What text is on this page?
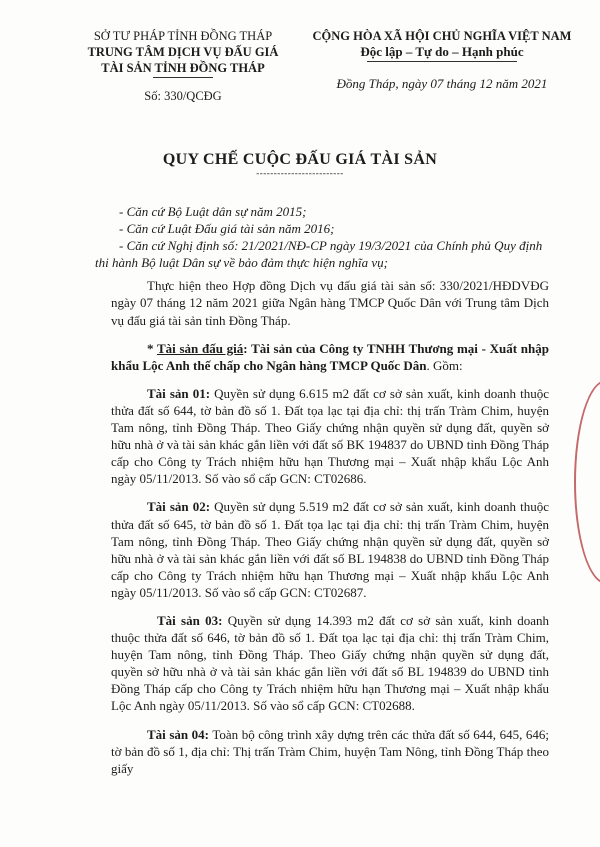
SỞ TƯ PHÁP TỈNH ĐỒNG THÁP
TRUNG TÂM DỊCH VỤ ĐẤU GIÁ
TÀI SẢN TỈNH ĐỒNG THÁP
Số: 330/QCĐG
CỘNG HÒA XÃ HỘI CHỦ NGHĨA VIỆT NAM
Độc lập – Tự do – Hạnh phúc
Đồng Tháp, ngày 07 tháng 12 năm 2021
QUY CHẾ CUỘC ĐẤU GIÁ TÀI SẢN
-------------------------

- Căn cứ Bộ Luật dân sự năm 2015;

- Căn cứ Luật Đấu giá tài sản năm 2016;

- Căn cứ Nghị định số: 21/2021/NĐ-CP ngày 19/3/2021 của Chính phủ Quy định

thi hành Bộ luật Dân sự về bảo đảm thực hiện nghĩa vụ;

Thực hiện theo Hợp đồng Dịch vụ đấu giá tài sản số: 330/2021/HĐDVĐG ngày 07 tháng 12 năm 2021 giữa Ngân hàng TMCP Quốc Dân với Trung tâm Dịch vụ đấu giá tài sản tỉnh Đồng Tháp.

* Tài sản đấu giá: Tài sản của Công ty TNHH Thương mại - Xuất nhập khẩu Lộc Anh thế chấp cho Ngân hàng TMCP Quốc Dân. Gồm:

Tài sản 01: Quyền sử dụng 6.615 m2 đất cơ sở sản xuất, kinh doanh thuộc thửa đất số 644, tờ bản đồ số 1. Đất tọa lạc tại địa chỉ: thị trấn Tràm Chim, huyện Tam nông, tỉnh Đồng Tháp. Theo Giấy chứng nhận quyền sử dụng đất, quyền sở hữu nhà ở và tài sản khác gắn liền với đất số BK 194837 do UBND tỉnh Đồng Tháp cấp cho Công ty Trách nhiệm hữu hạn Thương mại – Xuất nhập khẩu Lộc Anh ngày 05/11/2013. Số vào sổ cấp GCN: CT02686.

Tài sản 02: Quyền sử dụng 5.519 m2 đất cơ sở sản xuất, kinh doanh thuộc thửa đất số 645, tờ bản đồ số 1. Đất tọa lạc tại địa chỉ: thị trấn Tràm Chim, huyện Tam nông, tỉnh Đồng Tháp. Theo Giấy chứng nhận quyền sử dụng đất, quyền sở hữu nhà ở và tài sản khác gắn liền với đất số BL 194838 do UBND tỉnh Đồng Tháp cấp cho Công ty Trách nhiệm hữu hạn Thương mại – Xuất nhập khẩu Lộc Anh ngày 05/11/2013. Số vào sổ cấp GCN: CT02687.

Tài sản 03: Quyền sử dụng 14.393 m2 đất cơ sở sản xuất, kinh doanh thuộc thửa đất số 646, tờ bản đồ số 1. Đất tọa lạc tại địa chỉ: thị trấn Tràm Chim, huyện Tam nông, tỉnh Đồng Tháp. Theo Giấy chứng nhận quyền sử dụng đất, quyền sở hữu nhà ở và tài sản khác gắn liền với đất số BL 194839 do UBND tỉnh Đồng Tháp cấp cho Công ty Trách nhiệm hữu hạn Thương mại – Xuất nhập khẩu Lộc Anh ngày 05/11/2013. Số vào sổ cấp GCN: CT02688.

Tài sản 04: Toàn bộ công trình xây dựng trên các thửa đất số 644, 645, 646; tờ bản đồ số 1, địa chỉ: Thị trấn Tràm Chim, huyện Tam Nông, tỉnh Đồng Tháp theo giấy
